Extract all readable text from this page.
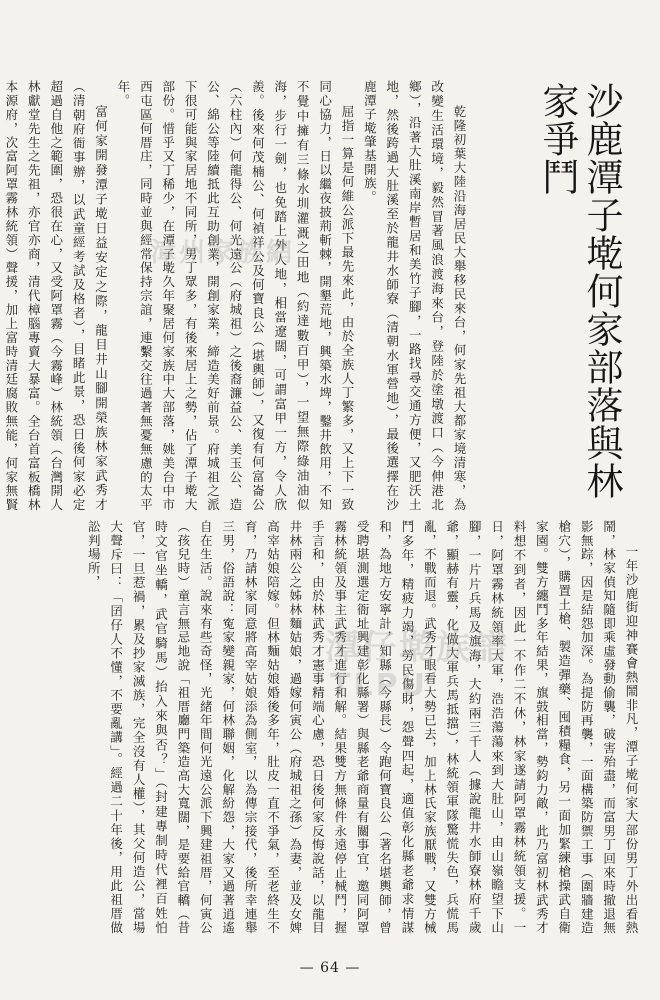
沙鹿潭子墘何家部落與林家爭鬥

乾隆初葉大陸沿海居民大舉移民來台，何家先祖大都家境清寒，為改變生活環境，毅然冒著風浪渡海來台，登陸於塗墩渡口（今伸港北鄉），沿著大肚溪南岸暫居和美竹子腳，一路找尋交通方便，又肥沃土地，然後跨過大肚溪至於龍井水師寮（清朝水軍營地），最後選擇在沙鹿潭子墘肇基開族。

屈指一算是何維公派下最先來此，由於全族人丁繁多，又上下一致同心協力，日以繼夜披荊斬棘，開墾荒地，興築水埤，鑿井飲用，不知不覺中擁有三條水圳灌溉之田地（約達數百甲），一望無際綠油油似海，步行一劍，也免踏上外人地，相當遼闊，可謂富甲一方，令人欣羨。後來何茂楠公、何禎祥公及何寶良公（堪輿師），又復有何富崙公（六柱內）何龍得公、何光遠公（府城祖）之後裔濂益公、美玉公、造公、綿公等陸續抵此互助創業，開創家業，締造美好前景。府城祖之派下很可能與家居地不同所，男丁眾多，有後來居上之勢，佔了潭子墘大部份。惜乎又丁稀少，在潭子墘久年聚居何家族中大部落，姚美台中市西屯區何厝庄，同時並與經常保持宗誼，連繫交往過著無憂無慮的太平年。

富何家開發潭子墘日益安定之際，龍目井山腳開榮族林家武秀才（清朝府衙事辦，以武童經考試及格者），目睹此景，恐日後何家必定超過自他之範圍，恐很在心，又受阿罩霧（今霧峰）林統領（台灣開人林獻堂先生之先祖，亦官亦商，清代樟腦專賣大暴富。全台首富板橋林本源府，次富阿罩霧林統領）聲援，加上富時清廷腐敗無能，何家無賢

一年沙鹿街迎神賽會熱鬧非凡，潭子墘何家大部份男丁外出看熱鬧，林家偵知隨即乘虛發動偷襲，破害殆盡，而富男丁回來時撤退無影無踪，因是結怨加深。為提防再襲，一面構築防禦工事（圍牆建造槍穴），購置土槍、製造彈藥、囤積糧食，另一面加緊練槍操武自衛家園。雙方纏鬥多年結果，旗鼓相當，勢鈞力敵，此乃富初林武秀才料想不到者，因此一不作二不休，林家遂請阿罩霧林統領支援。一日，阿罩霧林統領率大軍，浩浩蕩蕩來到大肚山，由山嶺瞻望下山腳，一片片兵馬及旗海，大約兩三千人（據說龍井水師寮林府千歲爺，顯赫有靈，化做大軍兵馬抵擋），林統領軍隊驚慌失色，兵慌馬亂，不戰而退。武秀才眼看大勢已去，加上林氏家族厭戰，又雙方械鬥多年，精疲力竭，勞民傷財，怨聲四起，適值彰化縣老爺求情謀和，為地方安寧計，知縣（今縣長）令跑何寶良公（著名堪輿師，曾受聘堪測選定衙址興建彰化縣署）與縣老爺商量有關事宜，邀同阿罩霧林統領及事主武秀才進行和解。結果雙方無條件永遠停止械鬥，握手言和，由於林武秀才憲事精端心慮，恐日後何家反悔說話，以龍目井林兩公之姊林麵姑娘，過嫁何寅公（府城祖之孫）為妻，並及女婢高宰姑娘陪嫁。但林麵姑娘婚後多年，肚皮一直不爭氣，至老終生不育，乃請林家同意將高宰姑娘添為側室，以為傳宗接代，後所幸連舉三男，俗語說：寃家變親家，何林聯姻，化解紛怨，大家又過著逍遙自在生活。說來有些奇怪，光緒年間何光遠公派下興建祖厝，何寅公（孩兒時）童言無忌地說「祖厝廳門築造高大寬闊，是要給官轎（昔時文官坐轎，武官騎馬）抬入來與否？」（封建專制時代裡百姓怕官，一旦惹禍，累及抄家滅族，完全沒有人權），其父何造公，當場大聲斥曰：「囝仔人不懂，不要亂講」。經過二十年後，用此祖厝做訟判場所，

漳州家族網
潭仔墘族譜
TLPU
— 64 —
